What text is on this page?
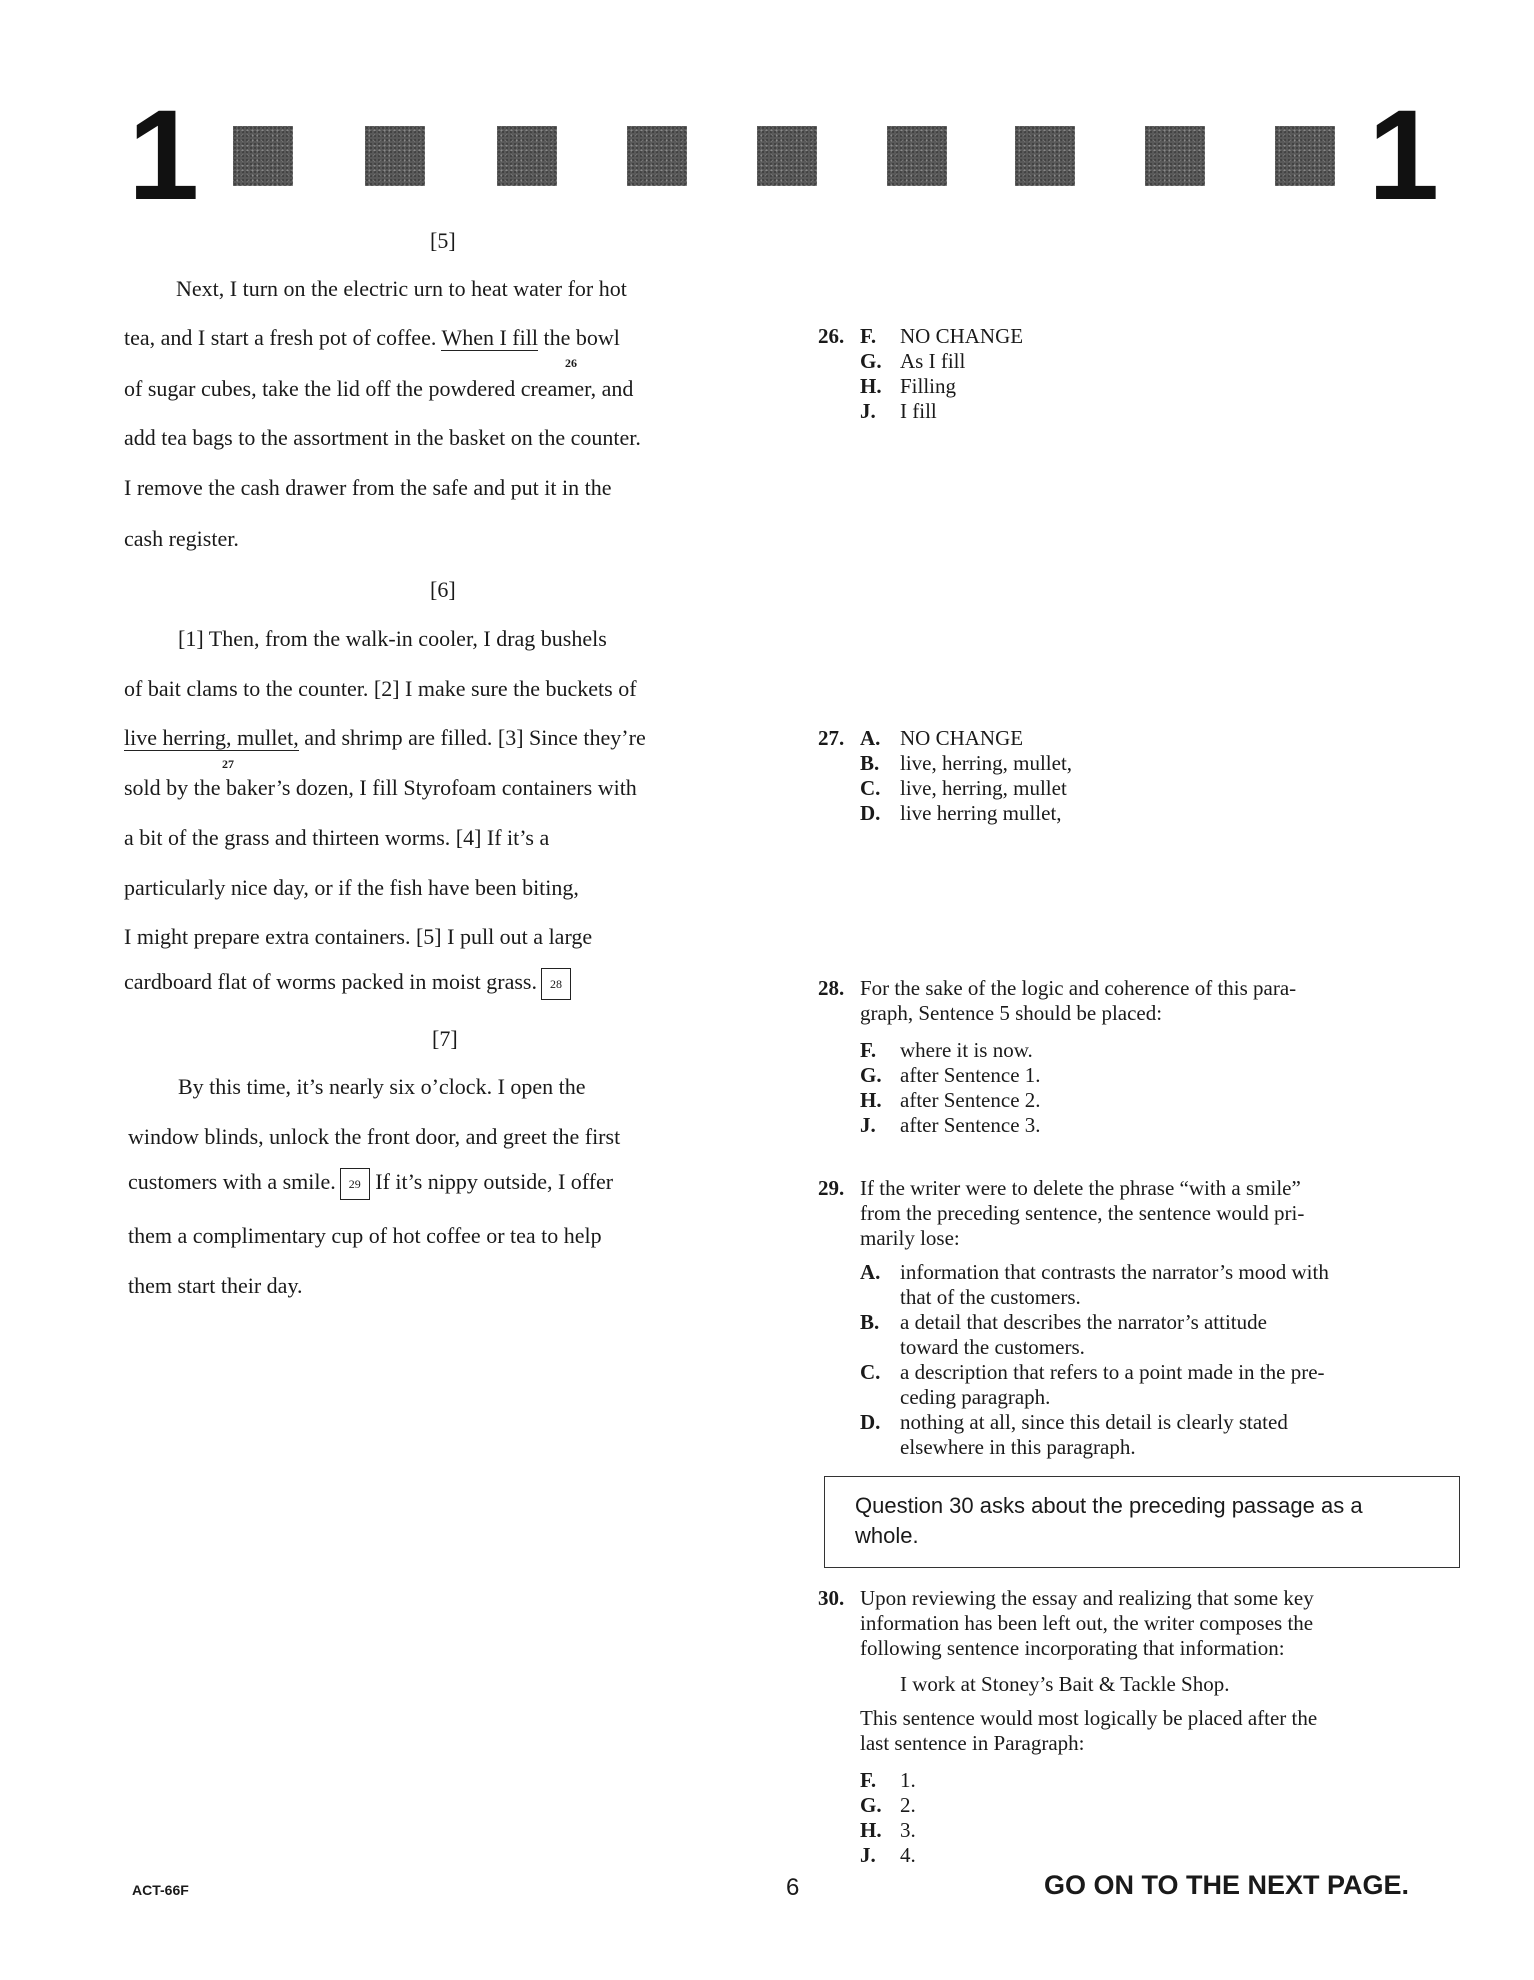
1	1
[5]
Next, I turn on the electric urn to heat water for hot
tea, and I start a fresh pot of coffee. When I fill the bowl
26
of sugar cubes, take the lid off the powdered creamer, and
add tea bags to the assortment in the basket on the counter.
I remove the cash drawer from the safe and put it in the
cash register.
[6]
[1] Then, from the walk-in cooler, I drag bushels
of bait clams to the counter. [2] I make sure the buckets of
live herring, mullet, and shrimp are filled. [3] Since they’re
27
sold by the baker’s dozen, I fill Styrofoam containers with
a bit of the grass and thirteen worms. [4] If it’s a
particularly nice day, or if the fish have been biting,
I might prepare extra containers. [5] I pull out a large
cardboard flat of worms packed in moist grass. 28
[7]
By this time, it’s nearly six o’clock. I open the
window blinds, unlock the front door, and greet the first
customers with a smile. 29 If it’s nippy outside, I offer
them a complimentary cup of hot coffee or tea to help
them start their day.
26. F. NO CHANGE
G. As I fill
H. Filling
J. I fill
27. A. NO CHANGE
B. live, herring, mullet,
C. live, herring, mullet
D. live herring mullet,
28. For the sake of the logic and coherence of this para-
graph, Sentence 5 should be placed:
F. where it is now.
G. after Sentence 1.
H. after Sentence 2.
J. after Sentence 3.
29. If the writer were to delete the phrase “with a smile”
from the preceding sentence, the sentence would pri-
marily lose:
A. information that contrasts the narrator’s mood with
that of the customers.
B. a detail that describes the narrator’s attitude
toward the customers.
C. a description that refers to a point made in the pre-
ceding paragraph.
D. nothing at all, since this detail is clearly stated
elsewhere in this paragraph.
Question 30 asks about the preceding passage as a whole.
30. Upon reviewing the essay and realizing that some key
information has been left out, the writer composes the
following sentence incorporating that information:
I work at Stoney’s Bait & Tackle Shop.
This sentence would most logically be placed after the
last sentence in Paragraph:
F. 1.
G. 2.
H. 3.
J. 4.
ACT-66F	6	GO ON TO THE NEXT PAGE.
